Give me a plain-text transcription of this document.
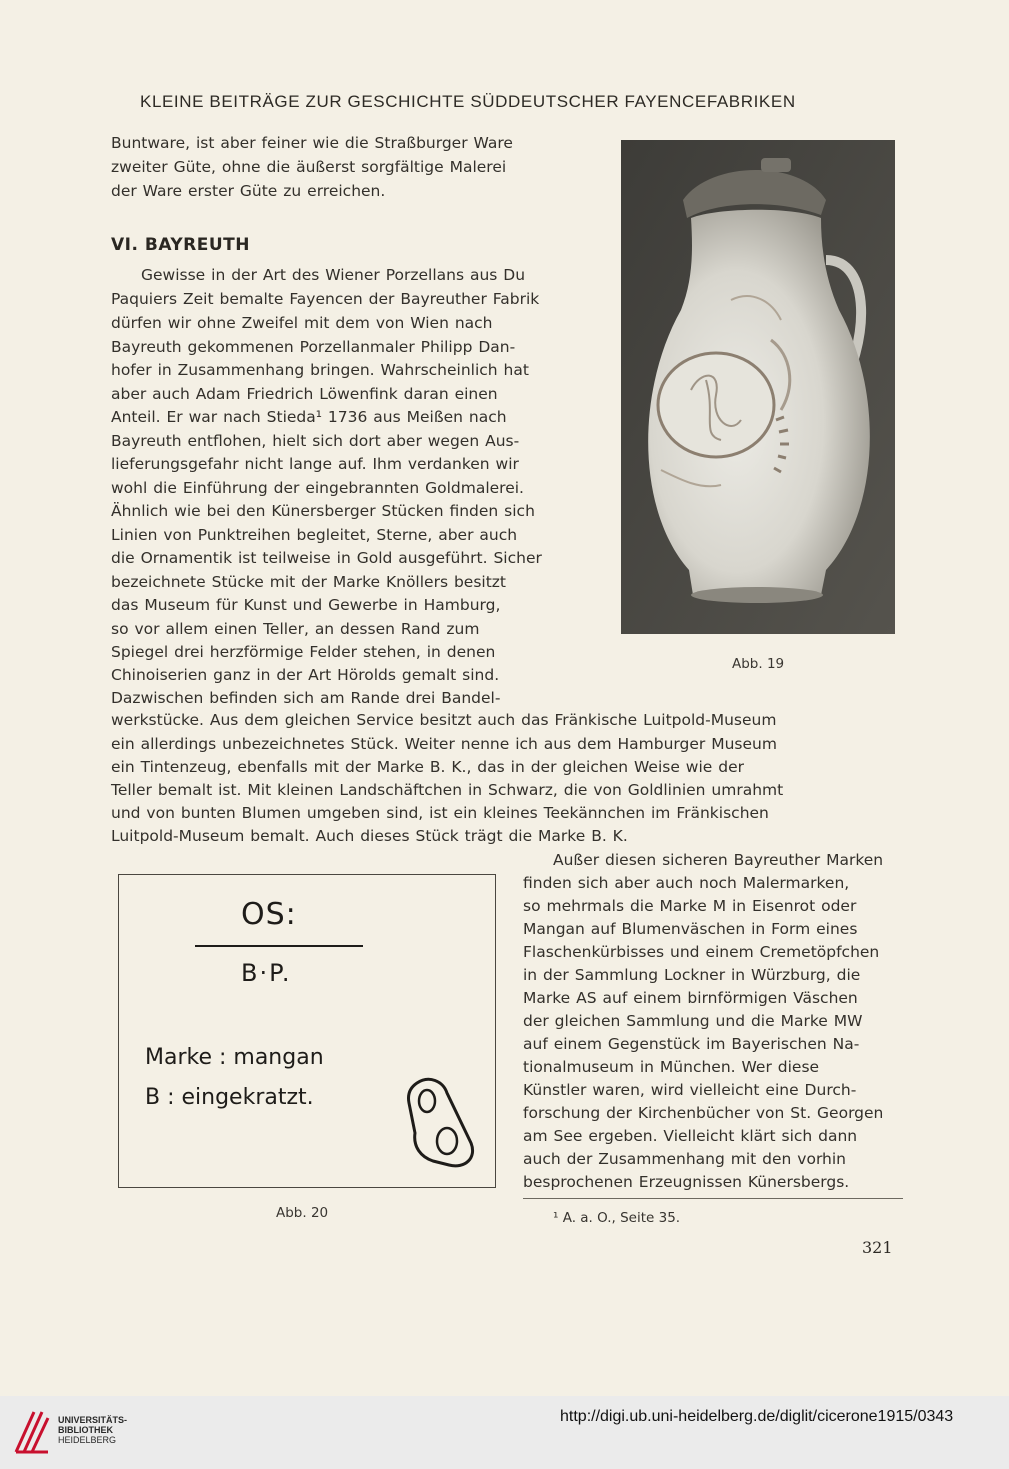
KLEINE BEITRÄGE ZUR GESCHICHTE SÜDDEUTSCHER FAYENCEFABRIKEN
Buntware, ist aber feiner wie die Straßburger Ware
zweiter Güte, ohne die äußerst sorgfältige Malerei
der Ware erster Güte zu erreichen.
VI. BAYREUTH
Gewisse in der Art des Wiener Porzellans aus Du
Paquiers Zeit bemalte Fayencen der Bayreuther Fabrik
dürfen wir ohne Zweifel mit dem von Wien nach
Bayreuth gekommenen Porzellanmaler Philipp Dan-
hofer in Zusammenhang bringen. Wahrscheinlich hat
aber auch Adam Friedrich Löwenfink daran einen
Anteil. Er war nach Stieda¹ 1736 aus Meißen nach
Bayreuth entflohen, hielt sich dort aber wegen Aus-
lieferungsgefahr nicht lange auf. Ihm verdanken wir
wohl die Einführung der eingebrannten Goldmalerei.
Ähnlich wie bei den Künersberger Stücken finden sich
Linien von Punktreihen begleitet, Sterne, aber auch
die Ornamentik ist teilweise in Gold ausgeführt. Sicher
bezeichnete Stücke mit der Marke Knöllers besitzt
das Museum für Kunst und Gewerbe in Hamburg,
so vor allem einen Teller, an dessen Rand zum
Spiegel drei herzförmige Felder stehen, in denen
Chinoiserien ganz in der Art Hörolds gemalt sind.
Dazwischen befinden sich am Rande drei Bandel-
Abb. 19
werkstücke. Aus dem gleichen Service besitzt auch das Fränkische Luitpold-Museum
ein allerdings unbezeichnetes Stück. Weiter nenne ich aus dem Hamburger Museum
ein Tintenzeug, ebenfalls mit der Marke B. K., das in der gleichen Weise wie der
Teller bemalt ist. Mit kleinen Landschäftchen in Schwarz, die von Goldlinien umrahmt
und von bunten Blumen umgeben sind, ist ein kleines Teekännchen im Fränkischen
Luitpold-Museum bemalt. Auch dieses Stück trägt die Marke B. K.
Außer diesen sicheren Bayreuther Marken
finden sich aber auch noch Malermarken,
so mehrmals die Marke M in Eisenrot oder
Mangan auf Blumenväschen in Form eines
Flaschenkürbisses und einem Cremetöpfchen
in der Sammlung Lockner in Würzburg, die
Marke AS auf einem birnförmigen Väschen
der gleichen Sammlung und die Marke MW
auf einem Gegenstück im Bayerischen Na-
tionalmuseum in München. Wer diese
Künstler waren, wird vielleicht eine Durch-
forschung der Kirchenbücher von St. Georgen
am See ergeben. Vielleicht klärt sich dann
auch der Zusammenhang mit den vorhin
besprochenen Erzeugnissen Künersbergs.
OS:
B·P.
Marke : mangan
B : eingekratzt.
Abb. 20	¹ A. a. O., Seite 35.
321
UNIVERSITÄTS-
BIBLIOTHEK
HEIDELBERG
http://digi.ub.uni-heidelberg.de/diglit/cicerone1915/0343
